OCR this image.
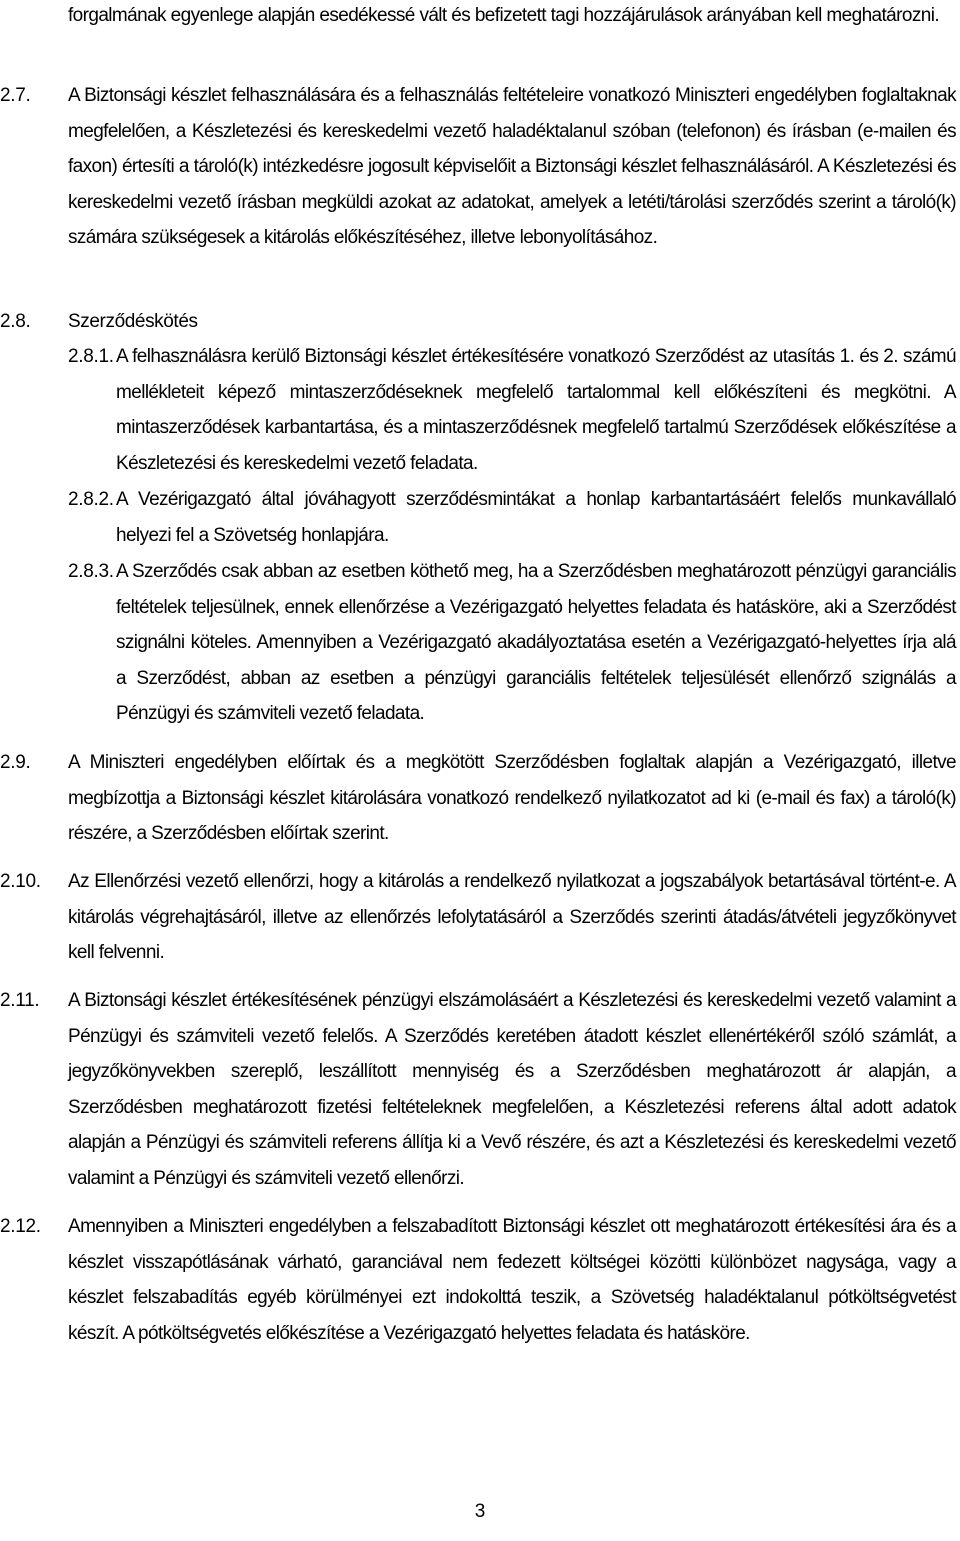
forgalmának egyenlege alapján esedékessé vált és befizetett tagi hozzájárulások arányában kell meghatározni.
2.7. A Biztonsági készlet felhasználására és a felhasználás feltételeire vonatkozó Miniszteri engedélyben foglaltaknak megfelelően, a Készletezési és kereskedelmi vezető haladéktalanul szóban (telefonon) és írásban (e-mailen és faxon) értesíti a tároló(k) intézkedésre jogosult képviselőit a Biztonsági készlet felhasználásáról. A Készletezési és kereskedelmi vezető írásban megküldi azokat az adatokat, amelyek a letéti/tárolási szerződés szerint a tároló(k) számára szükségesek a kitárolás előkészítéséhez, illetve lebonyolításához.
2.8. Szerződéskötés
2.8.1. A felhasználásra kerülő Biztonsági készlet értékesítésére vonatkozó Szerződést az utasítás 1. és 2. számú mellékleteit képező mintaszerződéseknek megfelelő tartalommal kell előkészíteni és megkötni. A mintaszerződések karbantartása, és a mintaszerződésnek megfelelő tartalmú Szerződések előkészítése a Készletezési és kereskedelmi vezető feladata.
2.8.2. A Vezérigazgató által jóváhagyott szerződésmintákat a honlap karbantartásáért felelős munkavállaló helyezi fel a Szövetség honlapjára.
2.8.3. A Szerződés csak abban az esetben köthető meg, ha a Szerződésben meghatározott pénzügyi garanciális feltételek teljesülnek, ennek ellenőrzése a Vezérigazgató helyettes feladata és hatásköre, aki a Szerződést szignálni köteles. Amennyiben a Vezérigazgató akadályoztatása esetén a Vezérigazgató-helyettes írja alá a Szerződést, abban az esetben a pénzügyi garanciális feltételek teljesülését ellenőrző szignálás a Pénzügyi és számviteli vezető feladata.
2.9. A Miniszteri engedélyben előírtak és a megkötött Szerződésben foglaltak alapján a Vezérigazgató, illetve megbízottja a Biztonsági készlet kitárolására vonatkozó rendelkező nyilatkozatot ad ki (e-mail és fax) a tároló(k) részére, a Szerződésben előírtak szerint.
2.10. Az Ellenőrzési vezető ellenőrzi, hogy a kitárolás a rendelkező nyilatkozat a jogszabályok betartásával történt-e. A kitárolás végrehajtásáról, illetve az ellenőrzés lefolytatásáról a Szerződés szerinti átadás/átvételi jegyzőkönyvet kell felvenni.
2.11. A Biztonsági készlet értékesítésének pénzügyi elszámolásáért a Készletezési és kereskedelmi vezető valamint a Pénzügyi és számviteli vezető felelős. A Szerződés keretében átadott készlet ellenértékéről szóló számlát, a jegyzőkönyvekben szereplő, leszállított mennyiség és a Szerződésben meghatározott ár alapján, a Szerződésben meghatározott fizetési feltételeknek megfelelően, a Készletezési referens által adott adatok alapján a Pénzügyi és számviteli referens állítja ki a Vevő részére, és azt a Készletezési és kereskedelmi vezető valamint a Pénzügyi és számviteli vezető ellenőrzi.
2.12. Amennyiben a Miniszteri engedélyben a felszabadított Biztonsági készlet ott meghatározott értékesítési ára és a készlet visszapótlásának várható, garanciával nem fedezett költségei közötti különbözet nagysága, vagy a készlet felszabadítás egyéb körülményei ezt indokolttá teszik, a Szövetség haladéktalanul pótköltségvetést készít. A pótköltségvetés előkészítése a Vezérigazgató helyettes feladata és hatásköre.
3
